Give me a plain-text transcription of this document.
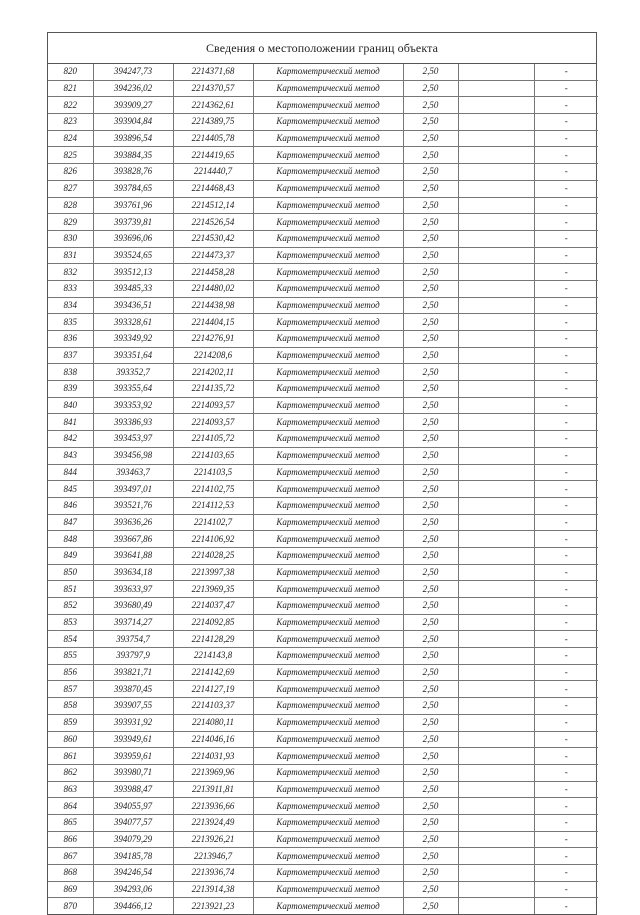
Сведения о местоположении границ объекта
820	394247,73	2214371,68	Картометрический метод	2,50		-
821	394236,02	2214370,57	Картометрический метод	2,50		-
822	393909,27	2214362,61	Картометрический метод	2,50		-
823	393904,84	2214389,75	Картометрический метод	2,50		-
824	393896,54	2214405,78	Картометрический метод	2,50		-
825	393884,35	2214419,65	Картометрический метод	2,50		-
826	393828,76	2214440,7	Картометрический метод	2,50		-
827	393784,65	2214468,43	Картометрический метод	2,50		-
828	393761,96	2214512,14	Картометрический метод	2,50		-
829	393739,81	2214526,54	Картометрический метод	2,50		-
830	393696,06	2214530,42	Картометрический метод	2,50		-
831	393524,65	2214473,37	Картометрический метод	2,50		-
832	393512,13	2214458,28	Картометрический метод	2,50		-
833	393485,33	2214480,02	Картометрический метод	2,50		-
834	393436,51	2214438,98	Картометрический метод	2,50		-
835	393328,61	2214404,15	Картометрический метод	2,50		-
836	393349,92	2214276,91	Картометрический метод	2,50		-
837	393351,64	2214208,6	Картометрический метод	2,50		-
838	393352,7	2214202,11	Картометрический метод	2,50		-
839	393355,64	2214135,72	Картометрический метод	2,50		-
840	393353,92	2214093,57	Картометрический метод	2,50		-
841	393386,93	2214093,57	Картометрический метод	2,50		-
842	393453,97	2214105,72	Картометрический метод	2,50		-
843	393456,98	2214103,65	Картометрический метод	2,50		-
844	393463,7	2214103,5	Картометрический метод	2,50		-
845	393497,01	2214102,75	Картометрический метод	2,50		-
846	393521,76	2214112,53	Картометрический метод	2,50		-
847	393636,26	2214102,7	Картометрический метод	2,50		-
848	393667,86	2214106,92	Картометрический метод	2,50		-
849	393641,88	2214028,25	Картометрический метод	2,50		-
850	393634,18	2213997,38	Картометрический метод	2,50		-
851	393633,97	2213969,35	Картометрический метод	2,50		-
852	393680,49	2214037,47	Картометрический метод	2,50		-
853	393714,27	2214092,85	Картометрический метод	2,50		-
854	393754,7	2214128,29	Картометрический метод	2,50		-
855	393797,9	2214143,8	Картометрический метод	2,50		-
856	393821,71	2214142,69	Картометрический метод	2,50		-
857	393870,45	2214127,19	Картометрический метод	2,50		-
858	393907,55	2214103,37	Картометрический метод	2,50		-
859	393931,92	2214080,11	Картометрический метод	2,50		-
860	393949,61	2214046,16	Картометрический метод	2,50		-
861	393959,61	2214031,93	Картометрический метод	2,50		-
862	393980,71	2213969,96	Картометрический метод	2,50		-
863	393988,47	2213911,81	Картометрический метод	2,50		-
864	394055,97	2213936,66	Картометрический метод	2,50		-
865	394077,57	2213924,49	Картометрический метод	2,50		-
866	394079,29	2213926,21	Картометрический метод	2,50		-
867	394185,78	2213946,7	Картометрический метод	2,50		-
868	394246,54	2213936,74	Картометрический метод	2,50		-
869	394293,06	2213914,38	Картометрический метод	2,50		-
870	394466,12	2213921,23	Картометрический метод	2,50		-
